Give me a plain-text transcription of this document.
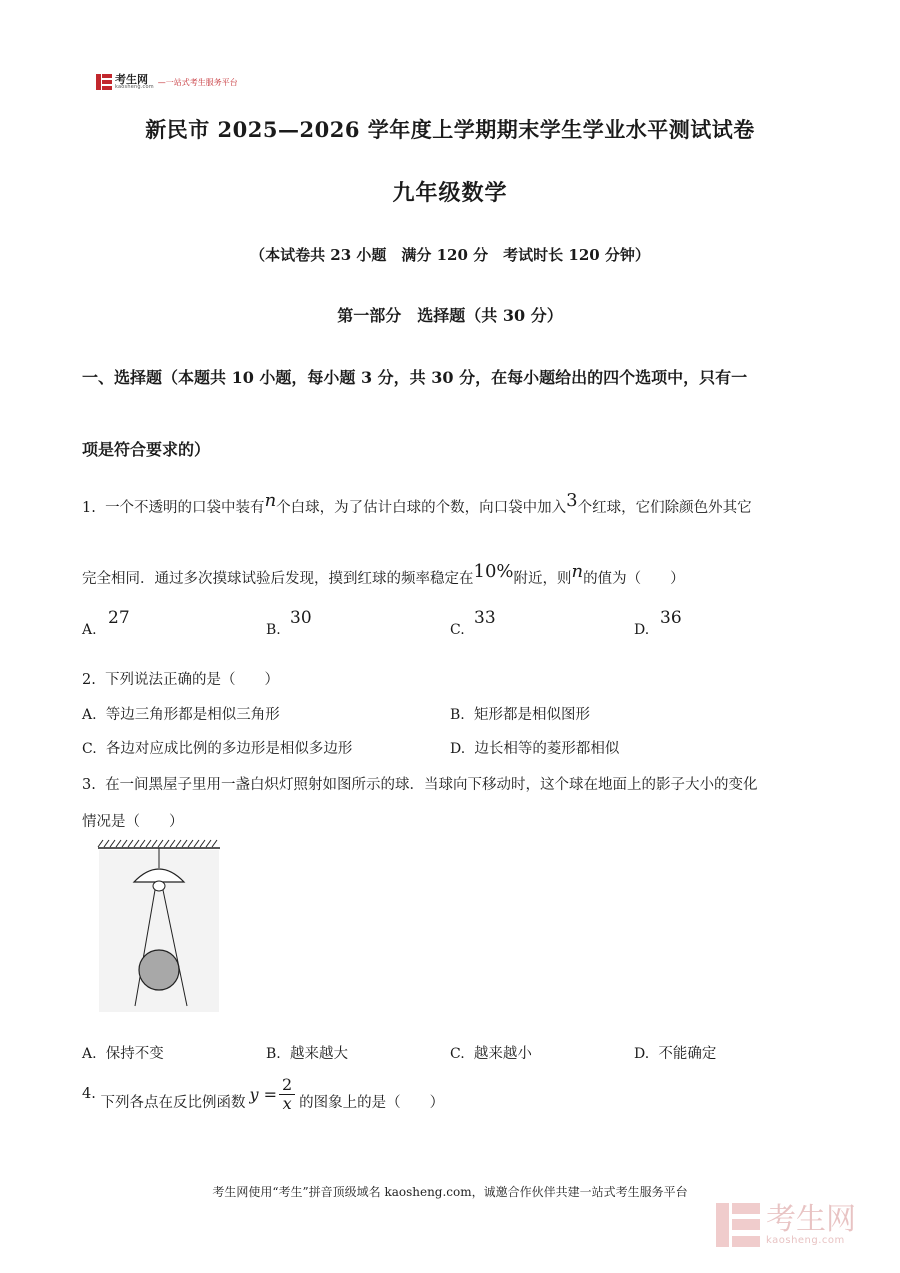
考生网
kaosheng.com
—一站式考生服务平台
新民市 2025—2026 学年度上学期期末学生学业水平测试试卷
九年级数学
（本试卷共 23 小题　满分 120 分　考试时长 120 分钟）
第一部分　选择题（共 30 分）
一、选择题（本题共 10 小题，每小题 3 分，共 30 分，在每小题给出的四个选项中，只有一
项是符合要求的）
1. 一个不透明的口袋中装有n个白球，为了估计白球的个数，向口袋中加入3个红球，它们除颜色外其它
完全相同．通过多次摸球试验后发现，摸到红球的频率稳定在10%附近，则n的值为（　　）
A.
27
B.
30
C.
33
D.
36
2. 下列说法正确的是（　　）
A. 等边三角形都是相似三角形	B. 矩形都是相似图形
C. 各边对应成比例的多边形是相似多边形	D. 边长相等的菱形都相似
3. 在一间黑屋子里用一盏白炽灯照射如图所示的球．当球向下移动时，这个球在地面上的影子大小的变化
情况是（　　）
A. 保持不变	B. 越来越大	C. 越来越小	D. 不能确定
4.

下列各点在反比例函数 $y = \frac{2}{x}$ 的图象上的是（　　）
考生网使用“考生”拼音顶级域名 kaosheng.com，诚邀合作伙伴共建一站式考生服务平台
考生网
kaosheng.com
